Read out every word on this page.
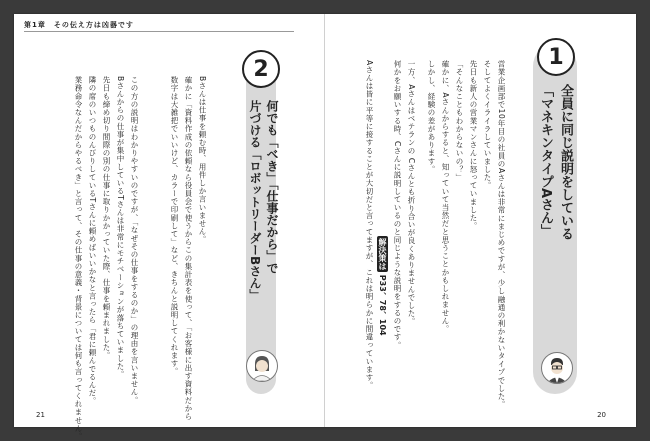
第1章　その伝え方は凶器です
業務命令なんだからやるべき」と言って、その仕事の意義・背景については何も言ってくれません。 隣の席のいつものんびりしているTさんに頼めばいいかなと言ったら「君に頼んでるんだ。 先日も締め切り間際の別の仕事に取りかかっていた際、仕事を頼まれました。 Bさんからの仕事が集中しているTさんは非常にモチベーションが落ちていました。 この方の説明はわかりやすいのですが、「なぜその仕事をするのか」の理由を言いません。	数字は大雑把でいいけど、カラーで印刷して」など、きちんと説明してくれます。 確かに「資料作成の依頼なら役員会で使うからこの集計表を使って、「お客様に出す資料だから Bさんは仕事を頼む時、用件しか言いません。
2
何でも「べき」「仕事だから」で
片づける「ロボットリーダーBさん」
21
解決策は P33、78、104
Aさんは皆に平等に接することが大切だと言ってますが、これは明らかに間違っています。	何かをお願いする時、Cさんに説明しているのと同じような説明をするのです。 一方、Aさんはベテランの Cさんとも折り合いが良くありませんでした。 しかし、経験の差があります。 確かに、Aさんからすると、知っていて当然だと思うことかもしれません。 「そんなこともわからないの？」 先日も新人の営業マンさんに怒っていました。 そしてよくイライラしていました。 営業企画部で10年目の社員のAさんは非常にまじめですが、少し融通の利かないタイプでした。
1
全員に同じ説明をしている
「マネキンタイプAさん」
20
